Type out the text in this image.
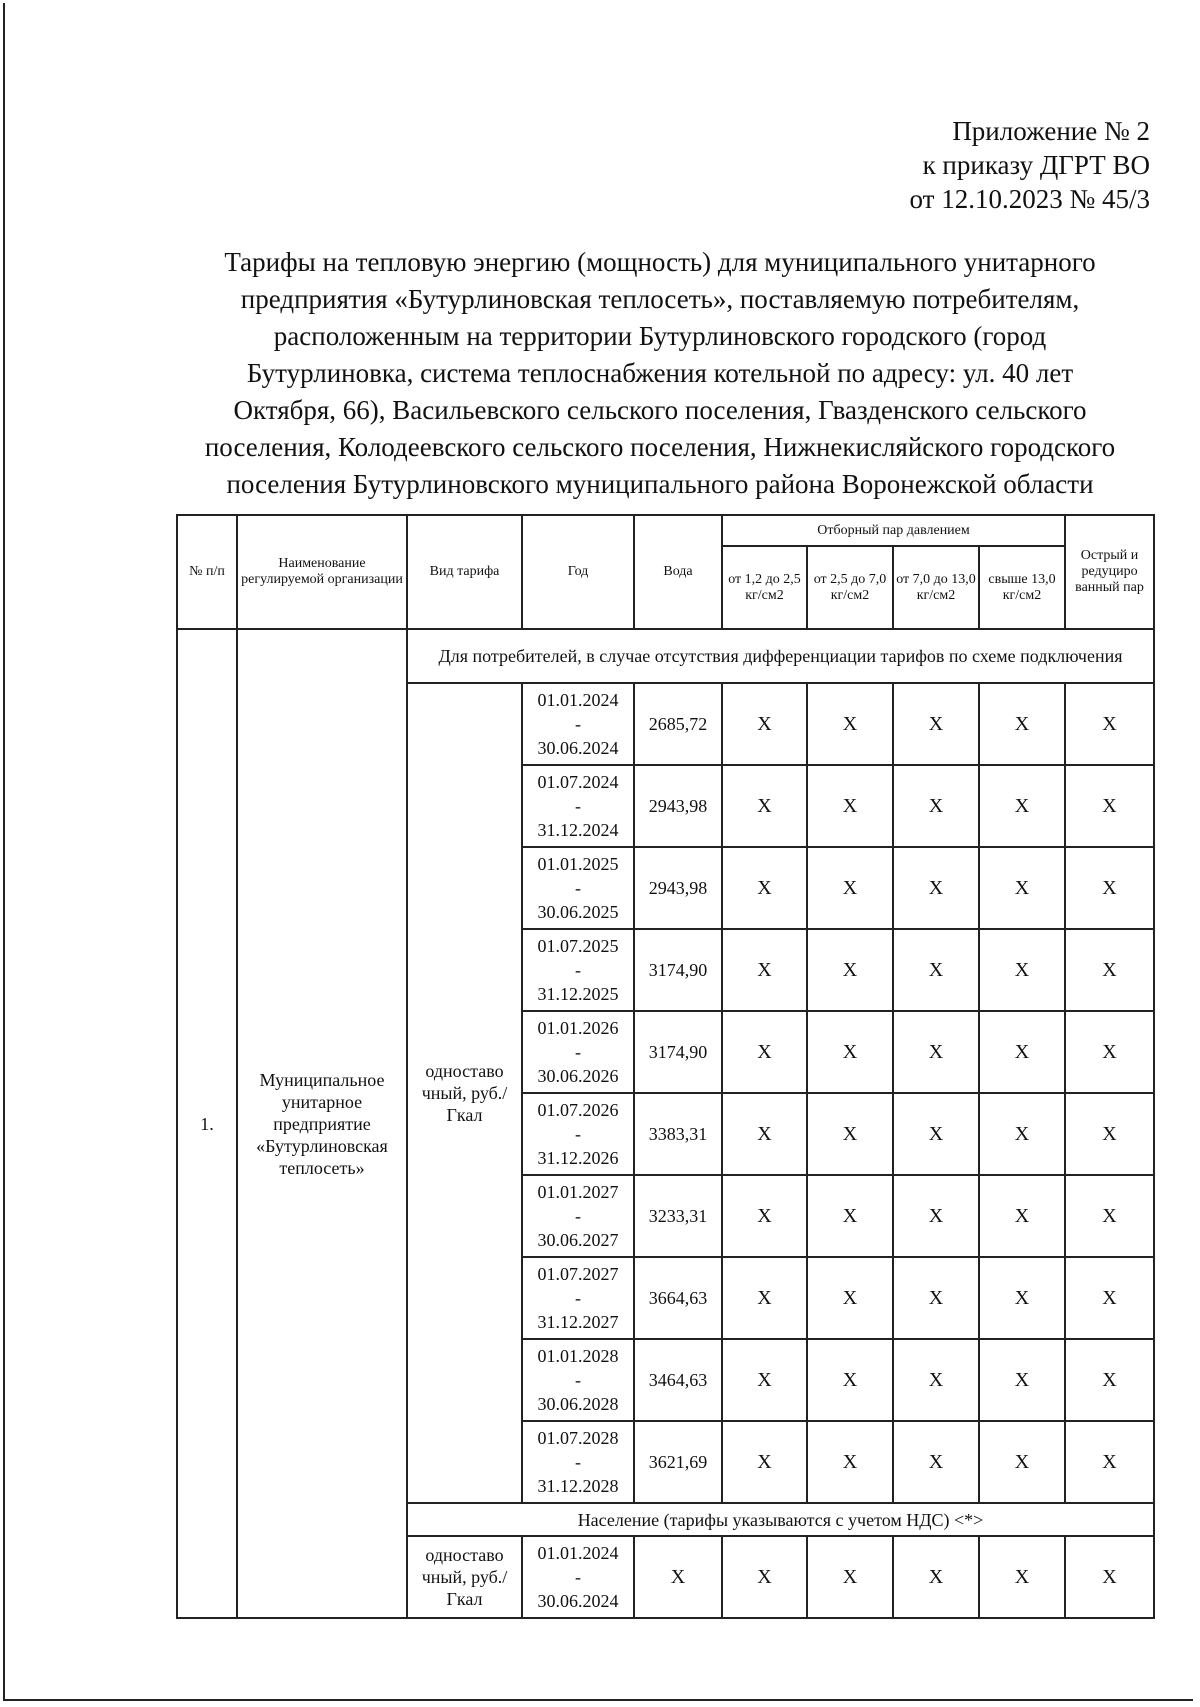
Приложение № 2
к приказу ДГРТ ВО
от 12.10.2023 № 45/3
Тарифы на тепловую энергию (мощность) для муниципального унитарного
предприятия «Бутурлиновская теплосеть», поставляемую потребителям,
расположенным на территории Бутурлиновского городского (город
Бутурлиновка, система теплоснабжения котельной по адресу: ул. 40 лет
Октября, 66), Васильевского сельского поселения, Гвазденского сельского
поселения, Колодеевского сельского поселения, Нижнекисляйского городского
поселения Бутурлиновского муниципального района Воронежской области
№ п/п	Наименование регулируемой организации	Вид тарифа	Год	Вода	Отборный пар давлением				Острый и редуциро ванный пар
					от 1,2 до 2,5 кг/см2	от 2,5 до 7,0 кг/см2	от 7,0 до 13,0 кг/см2	свыше 13,0 кг/см2	
1.	Муниципальное унитарное предприятие «Бутурлиновская теплосеть»	Для потребителей, в случае отсутствия дифференциации тарифов по схеме подключения							
		одноставо чный, руб./Гкал	01.01.2024
-
30.06.2024	2685,72	Х	Х	Х	Х	Х

			01.07.2024
-
31.12.2024	2943,98	Х	Х	Х	Х	Х

			01.01.2025
-
30.06.2025	2943,98	Х	Х	Х	Х	Х

			01.07.2025
-
31.12.2025	3174,90	Х	Х	Х	Х	Х

			01.01.2026
-
30.06.2026	3174,90	Х	Х	Х	Х	Х

			01.07.2026
-
31.12.2026	3383,31	Х	Х	Х	Х	Х

			01.01.2027
-
30.06.2027	3233,31	Х	Х	Х	Х	Х

			01.07.2027
-
31.12.2027	3664,63	Х	Х	Х	Х	Х

			01.01.2028
-
30.06.2028	3464,63	Х	Х	Х	Х	Х

			01.07.2028
-
31.12.2028	3621,69	Х	Х	Х	Х	Х
		Население (тарифы указываются с учетом НДС) <*>							
		одноставо чный, руб./Гкал	01.01.2024
-
30.06.2024	Х	Х	Х	Х	Х	Х
